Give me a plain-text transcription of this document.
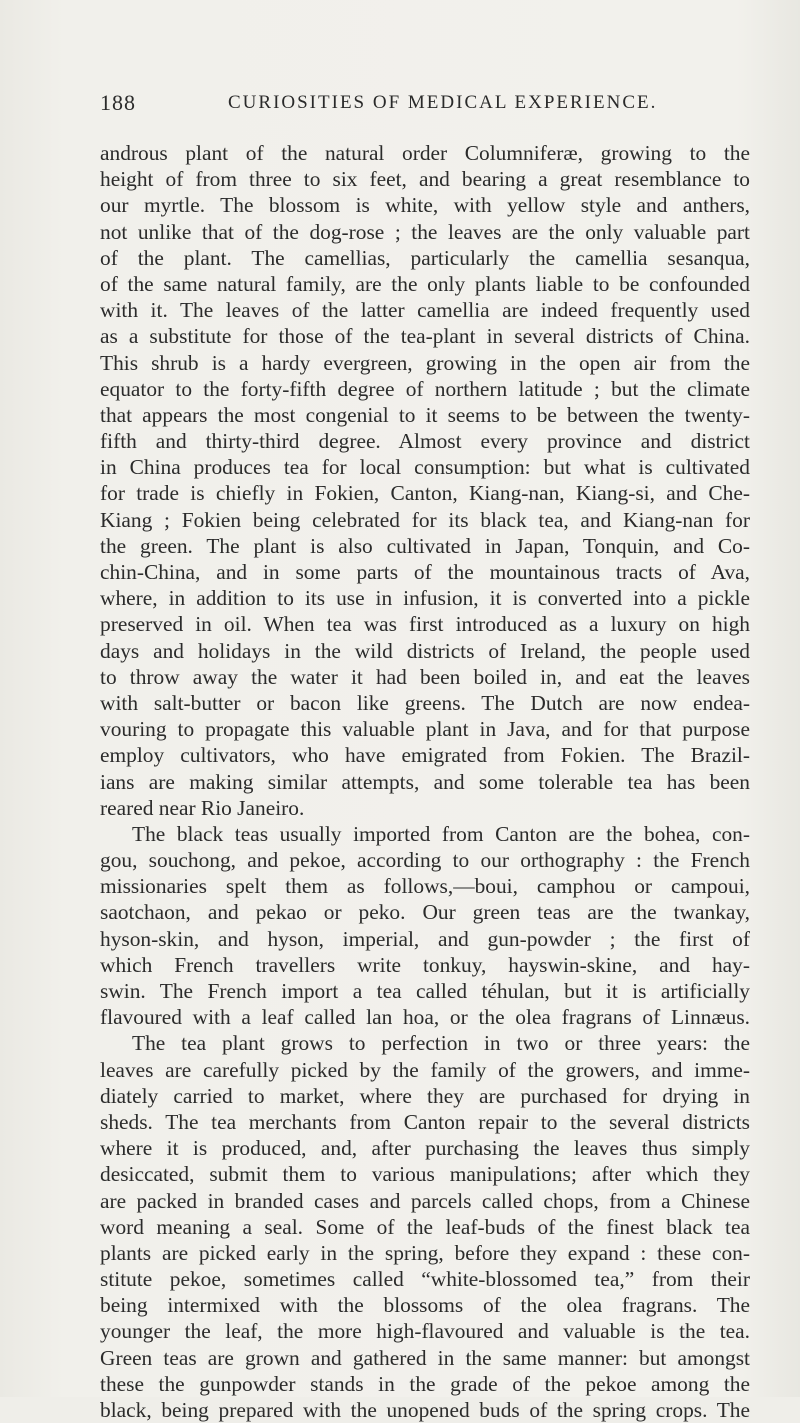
188	CURIOSITIES OF MEDICAL EXPERIENCE.
androus plant of the natural order Columniferæ, growing to the
height of from three to six feet, and bearing a great resemblance to
our myrtle. The blossom is white, with yellow style and anthers,
not unlike that of the dog-rose ; the leaves are the only valuable part
of the plant. The camellias, particularly the camellia sesanqua,
of the same natural family, are the only plants liable to be confounded
with it. The leaves of the latter camellia are indeed frequently used
as a substitute for those of the tea-plant in several districts of China.
This shrub is a hardy evergreen, growing in the open air from the
equator to the forty-fifth degree of northern latitude ; but the climate
that appears the most congenial to it seems to be between the twenty-
fifth and thirty-third degree. Almost every province and district
in China produces tea for local consumption: but what is cultivated
for trade is chiefly in Fokien, Canton, Kiang-nan, Kiang-si, and Che-
Kiang ; Fokien being celebrated for its black tea, and Kiang-nan for
the green. The plant is also cultivated in Japan, Tonquin, and Co-
chin-China, and in some parts of the mountainous tracts of Ava,
where, in addition to its use in infusion, it is converted into a pickle
preserved in oil. When tea was first introduced as a luxury on high
days and holidays in the wild districts of Ireland, the people used
to throw away the water it had been boiled in, and eat the leaves
with salt-butter or bacon like greens. The Dutch are now endea-
vouring to propagate this valuable plant in Java, and for that purpose
employ cultivators, who have emigrated from Fokien. The Brazil-
ians are making similar attempts, and some tolerable tea has been
reared near Rio Janeiro.
The black teas usually imported from Canton are the bohea, con-
gou, souchong, and pekoe, according to our orthography : the French
missionaries spelt them as follows,—boui, camphou or campoui,
saotchaon, and pekao or peko. Our green teas are the twankay,
hyson-skin, and hyson, imperial, and gun-powder ; the first of
which French travellers write tonkuy, hayswin-skine, and hay-
swin. The French import a tea called téhulan, but it is artificially
flavoured with a leaf called lan hoa, or the olea fragrans of Linnæus.
The tea plant grows to perfection in two or three years: the
leaves are carefully picked by the family of the growers, and imme-
diately carried to market, where they are purchased for drying in
sheds. The tea merchants from Canton repair to the several districts
where it is produced, and, after purchasing the leaves thus simply
desiccated, submit them to various manipulations; after which they
are packed in branded cases and parcels called chops, from a Chinese
word meaning a seal. Some of the leaf-buds of the finest black tea
plants are picked early in the spring, before they expand : these con-
stitute pekoe, sometimes called “white-blossomed tea,” from their
being intermixed with the blossoms of the olea fragrans. The
younger the leaf, the more high-flavoured and valuable is the tea.
Green teas are grown and gathered in the same manner: but amongst
these the gunpowder stands in the grade of the pekoe among the
black, being prepared with the unopened buds of the spring crops. The
